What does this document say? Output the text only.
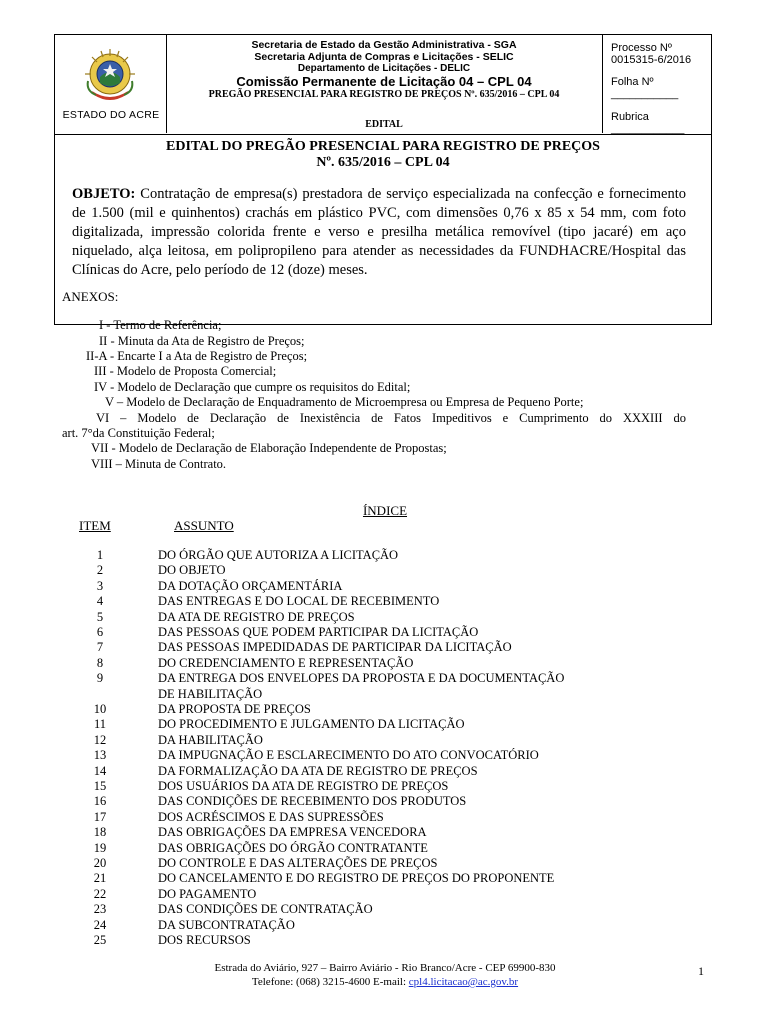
ESTADO DO ACRE
Secretaria de Estado da Gestão Administrativa - SGA
Secretaria Adjunta de Compras e Licitações - SELIC
Departamento de Licitações - DELIC
Comissão Permanente de Licitação 04 – CPL 04
PREGÃO PRESENCIAL PARA REGISTRO DE PREÇOS Nº. 635/2016 – CPL 04
EDITAL
Processo Nº 0015315-6/2016
Folha Nº ___________
Rubrica ____________
EDITAL DO PREGÃO PRESENCIAL PARA REGISTRO DE PREÇOS
Nº. 635/2016 – CPL 04
OBJETO: Contratação de empresa(s) prestadora de serviço especializada na confecção e fornecimento de 1.500 (mil e quinhentos) crachás em plástico PVC, com dimensões 0,76 x 85 x 54 mm, com foto digitalizada, impressão colorida frente e verso e presilha metálica removível (tipo jacaré) em aço niquelado, alça leitosa, em polipropileno para atender as necessidades da FUNDHACRE/Hospital das Clínicas do Acre, pelo período de 12 (doze) meses.
ANEXOS:
I - Termo de Referência;
II - Minuta da Ata de Registro de Preços;
II-A - Encarte I a Ata de Registro de Preços;
III - Modelo de Proposta Comercial;
IV - Modelo de Declaração que cumpre os requisitos do Edital;
V – Modelo de Declaração de Enquadramento de Microempresa ou Empresa de Pequeno Porte;
VI – Modelo de Declaração de Inexistência de Fatos Impeditivos e Cumprimento do XXXIII do
art. 7°da Constituição Federal;
VII - Modelo de Declaração de Elaboração Independente de Propostas;
VIII – Minuta de Contrato.
ÍNDICE
ITEM	ASSUNTO
1	DO ÓRGÃO QUE AUTORIZA A LICITAÇÃO
2	DO OBJETO
3	DA DOTAÇÃO ORÇAMENTÁRIA
4	DAS ENTREGAS E DO LOCAL DE RECEBIMENTO
5	DA ATA DE REGISTRO DE PREÇOS
6	DAS PESSOAS QUE PODEM PARTICIPAR DA LICITAÇÃO
7	DAS PESSOAS IMPEDIDADAS DE PARTICIPAR DA LICITAÇÃO
8	DO CREDENCIAMENTO E REPRESENTAÇÃO
9	DA ENTREGA DOS ENVELOPES DA PROPOSTA E DA DOCUMENTAÇÃO
DE HABILITAÇÃO
10	DA PROPOSTA DE PREÇOS
11	DO PROCEDIMENTO E JULGAMENTO DA LICITAÇÃO
12	DA HABILITAÇÃO
13	DA IMPUGNAÇÃO E ESCLARECIMENTO DO ATO CONVOCATÓRIO
14	DA FORMALIZAÇÃO DA ATA DE REGISTRO DE PREÇOS
15	DOS USUÁRIOS DA ATA DE REGISTRO DE PREÇOS
16	DAS CONDIÇÕES DE RECEBIMENTO DOS PRODUTOS
17	DOS ACRÉSCIMOS E DAS SUPRESSÕES
18	DAS OBRIGAÇÕES DA EMPRESA VENCEDORA
19	DAS OBRIGAÇÕES DO ÓRGÃO CONTRATANTE
20	DO CONTROLE E DAS ALTERAÇÕES DE PREÇOS
21	DO CANCELAMENTO E DO REGISTRO DE PREÇOS DO PROPONENTE
22	DO PAGAMENTO
23	DAS CONDIÇÕES DE CONTRATAÇÃO
24	DA SUBCONTRATAÇÃO
25	DOS RECURSOS
Estrada do Aviário, 927 – Bairro Aviário - Rio Branco/Acre - CEP 69900-830
Telefone: (068) 3215-4600 E-mail: cpl4.licitacao@ac.gov.br
1
